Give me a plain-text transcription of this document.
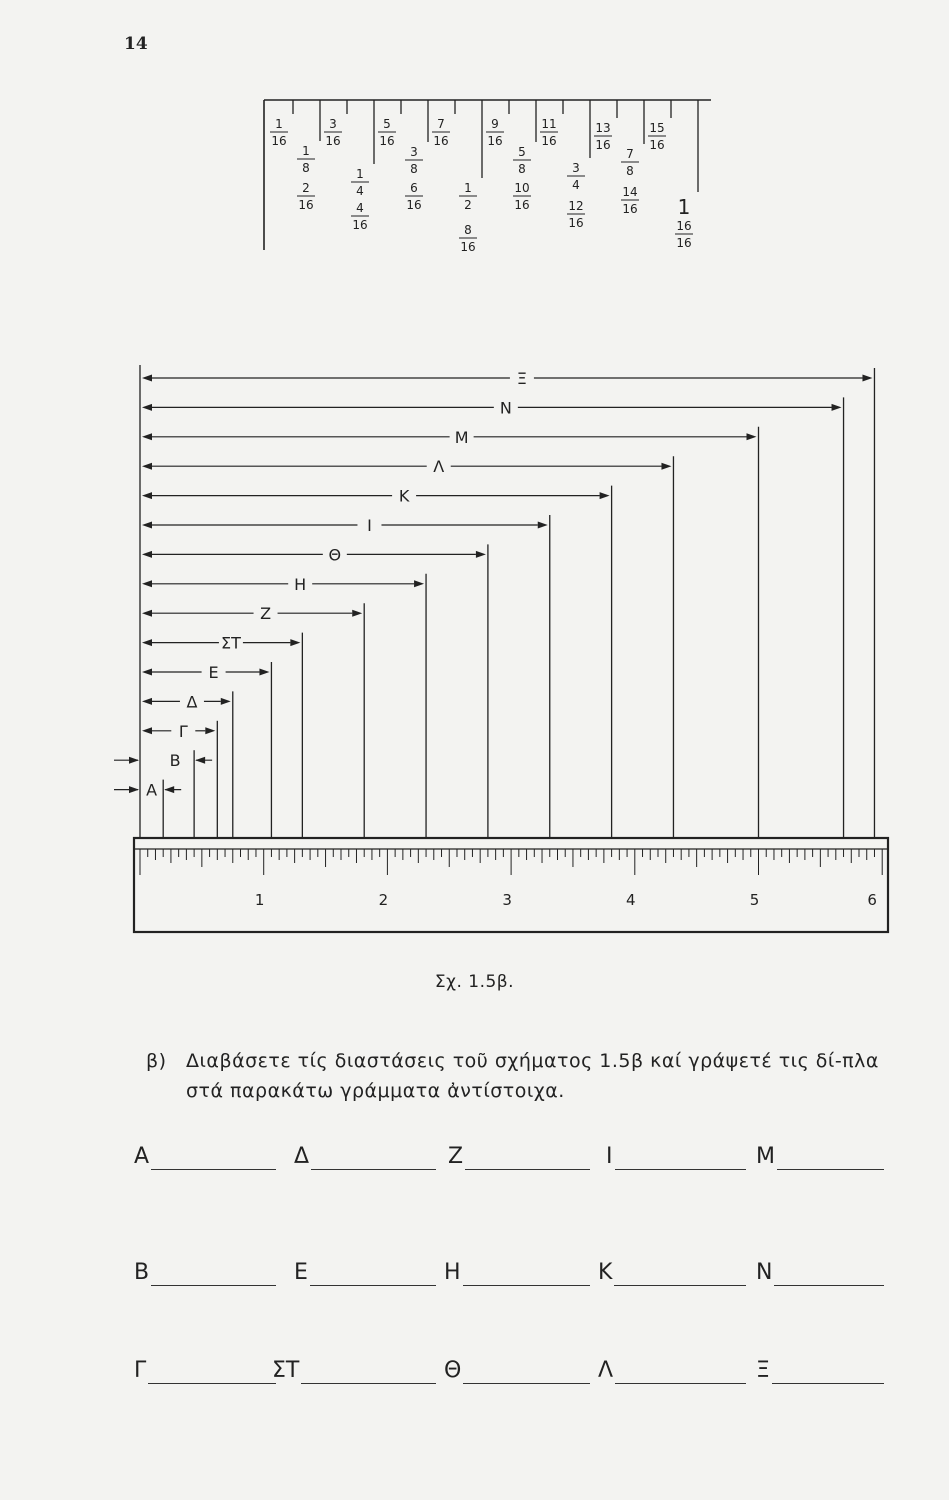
14
1
16
1
8
2
16
3
16
1
4
4
16
5
16
3
8
6
16
7
16
1
2
8
16
9
16
5
8
10
16
11
16
3
4
12
16
13
16
7
8
14
16
15
16
1
16
16
Ξ
N
M
Λ
K
I
Θ
H
Z
ΣT
E
Δ
Γ
B
A
1	2	3	4	5	6
Σχ. 1.5β.
β)	Διαβάσετε τίς διαστάσεις τοῦ σχήματος 1.5β καί γράψετέ τις δί-πλα στά παρακάτω γράμματα ἀντίστοιχα.
A	Δ	Z	I	M
B	E	H	K	N
Γ	ΣT	Θ	Λ	Ξ
